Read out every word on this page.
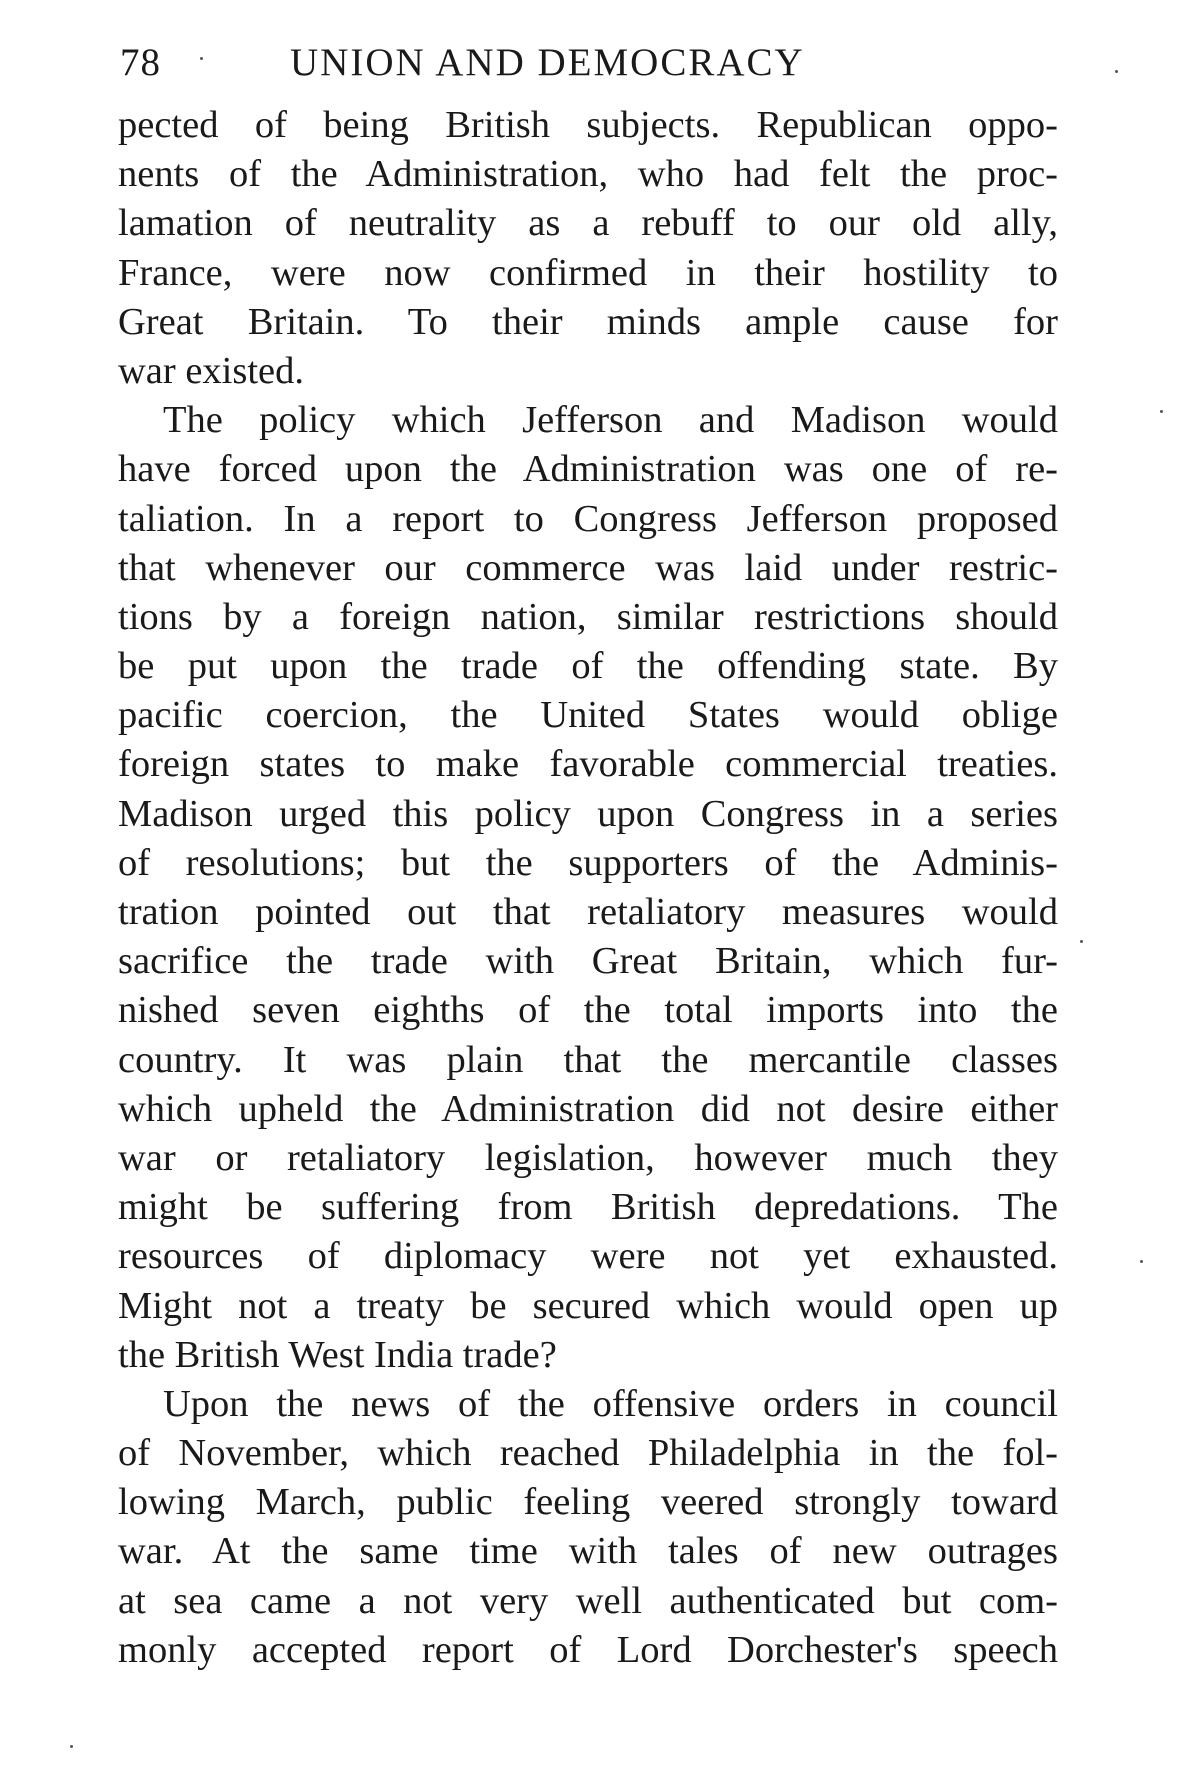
78	UNION AND DEMOCRACY
pected of being British subjects. Republican oppo-
nents of the Administration, who had felt the proc-
lamation of neutrality as a rebuff to our old ally,
France, were now confirmed in their hostility to
Great Britain. To their minds ample cause for
war existed.
The policy which Jefferson and Madison would
have forced upon the Administration was one of re-
taliation. In a report to Congress Jefferson proposed
that whenever our commerce was laid under restric-
tions by a foreign nation, similar restrictions should
be put upon the trade of the offending state. By
pacific coercion, the United States would oblige
foreign states to make favorable commercial treaties.
Madison urged this policy upon Congress in a series
of resolutions; but the supporters of the Adminis-
tration pointed out that retaliatory measures would
sacrifice the trade with Great Britain, which fur-
nished seven eighths of the total imports into the
country. It was plain that the mercantile classes
which upheld the Administration did not desire either
war or retaliatory legislation, however much they
might be suffering from British depredations. The
resources of diplomacy were not yet exhausted.
Might not a treaty be secured which would open up
the British West India trade?
Upon the news of the offensive orders in council
of November, which reached Philadelphia in the fol-
lowing March, public feeling veered strongly toward
war. At the same time with tales of new outrages
at sea came a not very well authenticated but com-
monly accepted report of Lord Dorchester's speech
